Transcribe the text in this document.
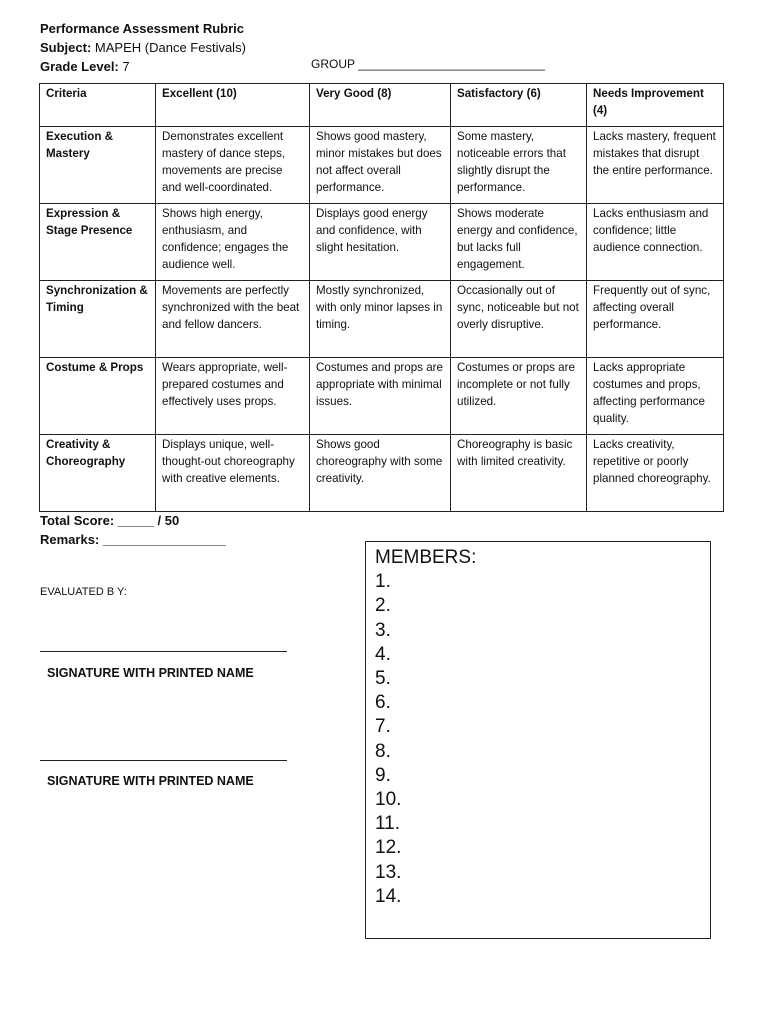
Performance Assessment Rubric
Subject: MAPEH (Dance Festivals)
Grade Level: 7	GROUP ____________________________
Criteria	Excellent (10)	Very Good (8)	Satisfactory (6)	Needs Improvement (4)
Execution & Mastery	Demonstrates excellent mastery of dance steps, movements are precise and well-coordinated.	Shows good mastery, minor mistakes but does not affect overall performance.	Some mastery, noticeable errors that slightly disrupt the performance.	Lacks mastery, frequent mistakes that disrupt the entire performance.
Expression & Stage Presence	Shows high energy, enthusiasm, and confidence; engages the audience well.	Displays good energy and confidence, with slight hesitation.	Shows moderate energy and confidence, but lacks full engagement.	Lacks enthusiasm and confidence; little audience connection.
Synchronization & Timing	Movements are perfectly synchronized with the beat and fellow dancers.	Mostly synchronized, with only minor lapses in timing.	Occasionally out of sync, noticeable but not overly disruptive.	Frequently out of sync, affecting overall performance.
Costume & Props	Wears appropriate, well-prepared costumes and effectively uses props.	Costumes and props are appropriate with minimal issues.	Costumes or props are incomplete or not fully utilized.	Lacks appropriate costumes and props, affecting performance quality.
Creativity & Choreography	Displays unique, well-thought-out choreography with creative elements.	Shows good choreography with some creativity.	Choreography is basic with limited creativity.	Lacks creativity, repetitive or poorly planned choreography.
Total Score: _____ / 50
Remarks: _________________
EVALUATED B Y:
SIGNATURE WITH PRINTED NAME
SIGNATURE WITH PRINTED NAME
MEMBERS:
1.
2.
3.
4.
5.
6.
7.
8.
9.
10.
11.
12.
13.
14.
